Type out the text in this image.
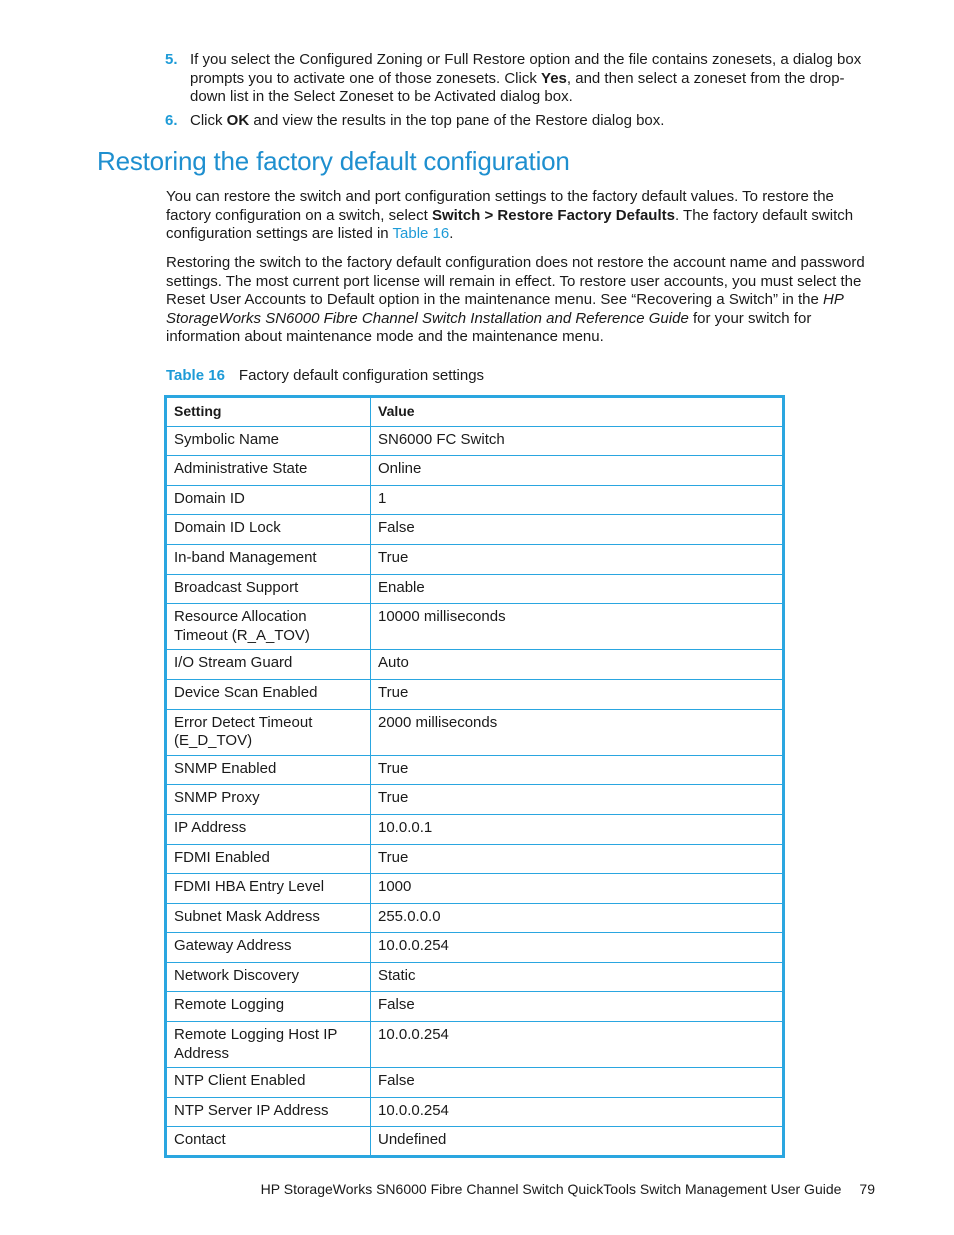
5. If you select the Configured Zoning or Full Restore option and the file contains zonesets, a dialog box prompts you to activate one of those zonesets. Click Yes, and then select a zoneset from the drop-down list in the Select Zoneset to be Activated dialog box.
6. Click OK and view the results in the top pane of the Restore dialog box.
Restoring the factory default configuration

You can restore the switch and port configuration settings to the factory default values. To restore the factory configuration on a switch, select Switch > Restore Factory Defaults. The factory default switch configuration settings are listed in Table 16.

Restoring the switch to the factory default configuration does not restore the account name and password settings. The most current port license will remain in effect. To restore user accounts, you must select the Reset User Accounts to Default option in the maintenance menu. See “Recovering a Switch” in the HP StorageWorks SN6000 Fibre Channel Switch Installation and Reference Guide for your switch for information about maintenance mode and the maintenance menu.

Table 16 Factory default configuration settings
Setting	Value
Symbolic Name	SN6000 FC Switch
Administrative State	Online
Domain ID	1
Domain ID Lock	False
In-band Management	True
Broadcast Support	Enable
Resource Allocation Timeout (R_A_TOV)	10000 milliseconds
I/O Stream Guard	Auto
Device Scan Enabled	True
Error Detect Timeout (E_D_TOV)	2000 milliseconds
SNMP Enabled	True
SNMP Proxy	True
IP Address	10.0.0.1
FDMI Enabled	True
FDMI HBA Entry Level	1000
Subnet Mask Address	255.0.0.0
Gateway Address	10.0.0.254
Network Discovery	Static
Remote Logging	False
Remote Logging Host IP Address	10.0.0.254
NTP Client Enabled	False
NTP Server IP Address	10.0.0.254
Contact	Undefined
HP StorageWorks SN6000 Fibre Channel Switch QuickTools Switch Management User Guide 79
